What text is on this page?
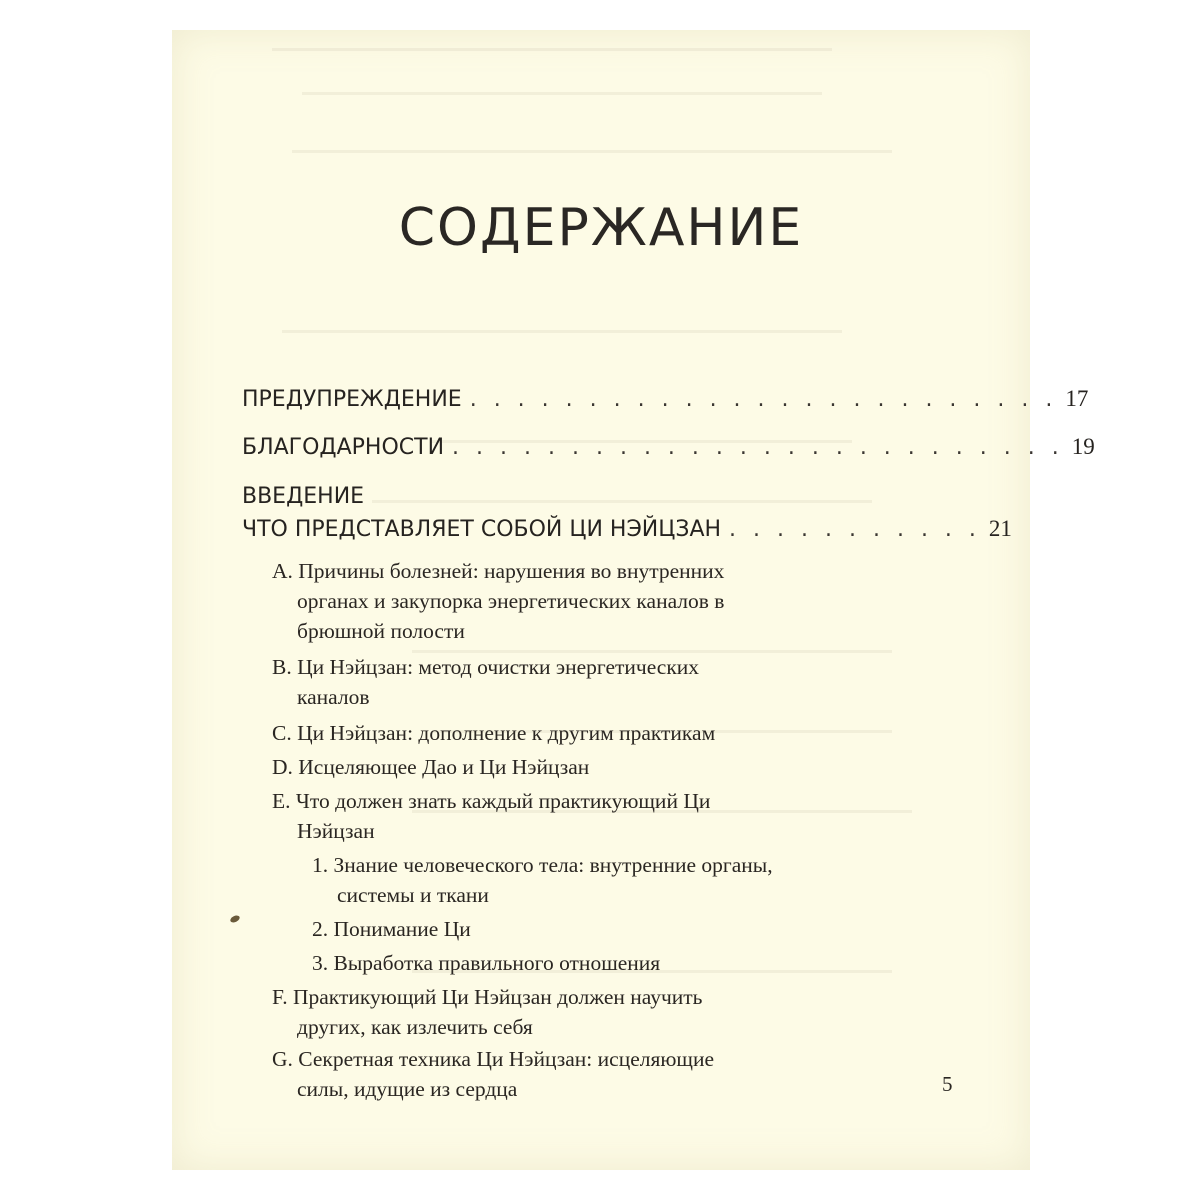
СОДЕРЖАНИЕ
ПРЕДУПРЕЖДЕНИЕ . . . . . . . . . . . . . . . . . . . . . . . . . 17
БЛАГОДАРНОСТИ . . . . . . . . . . . . . . . . . . . . . . . . . . 19
ВВЕДЕНИЕ
ЧТО ПРЕДСТАВЛЯЕТ СОБОЙ ЦИ НЭЙЦЗАН . . . . . . . . . . . 21
A. Причины болезней: нарушения во внутренних
органах и закупорка энергетических каналов в
брюшной полости
B. Ци Нэйцзан: метод очистки энергетических
каналов
C. Ци Нэйцзан: дополнение к другим практикам
D. Исцеляющее Дао и Ци Нэйцзан
E. Что должен знать каждый практикующий Ци
Нэйцзан
1. Знание человеческого тела: внутренние органы,
системы и ткани
2. Понимание Ци
3. Выработка правильного отношения
F. Практикующий Ци Нэйцзан должен научить
других, как излечить себя
G. Секретная техника Ци Нэйцзан: исцеляющие
силы, идущие из сердца	5
